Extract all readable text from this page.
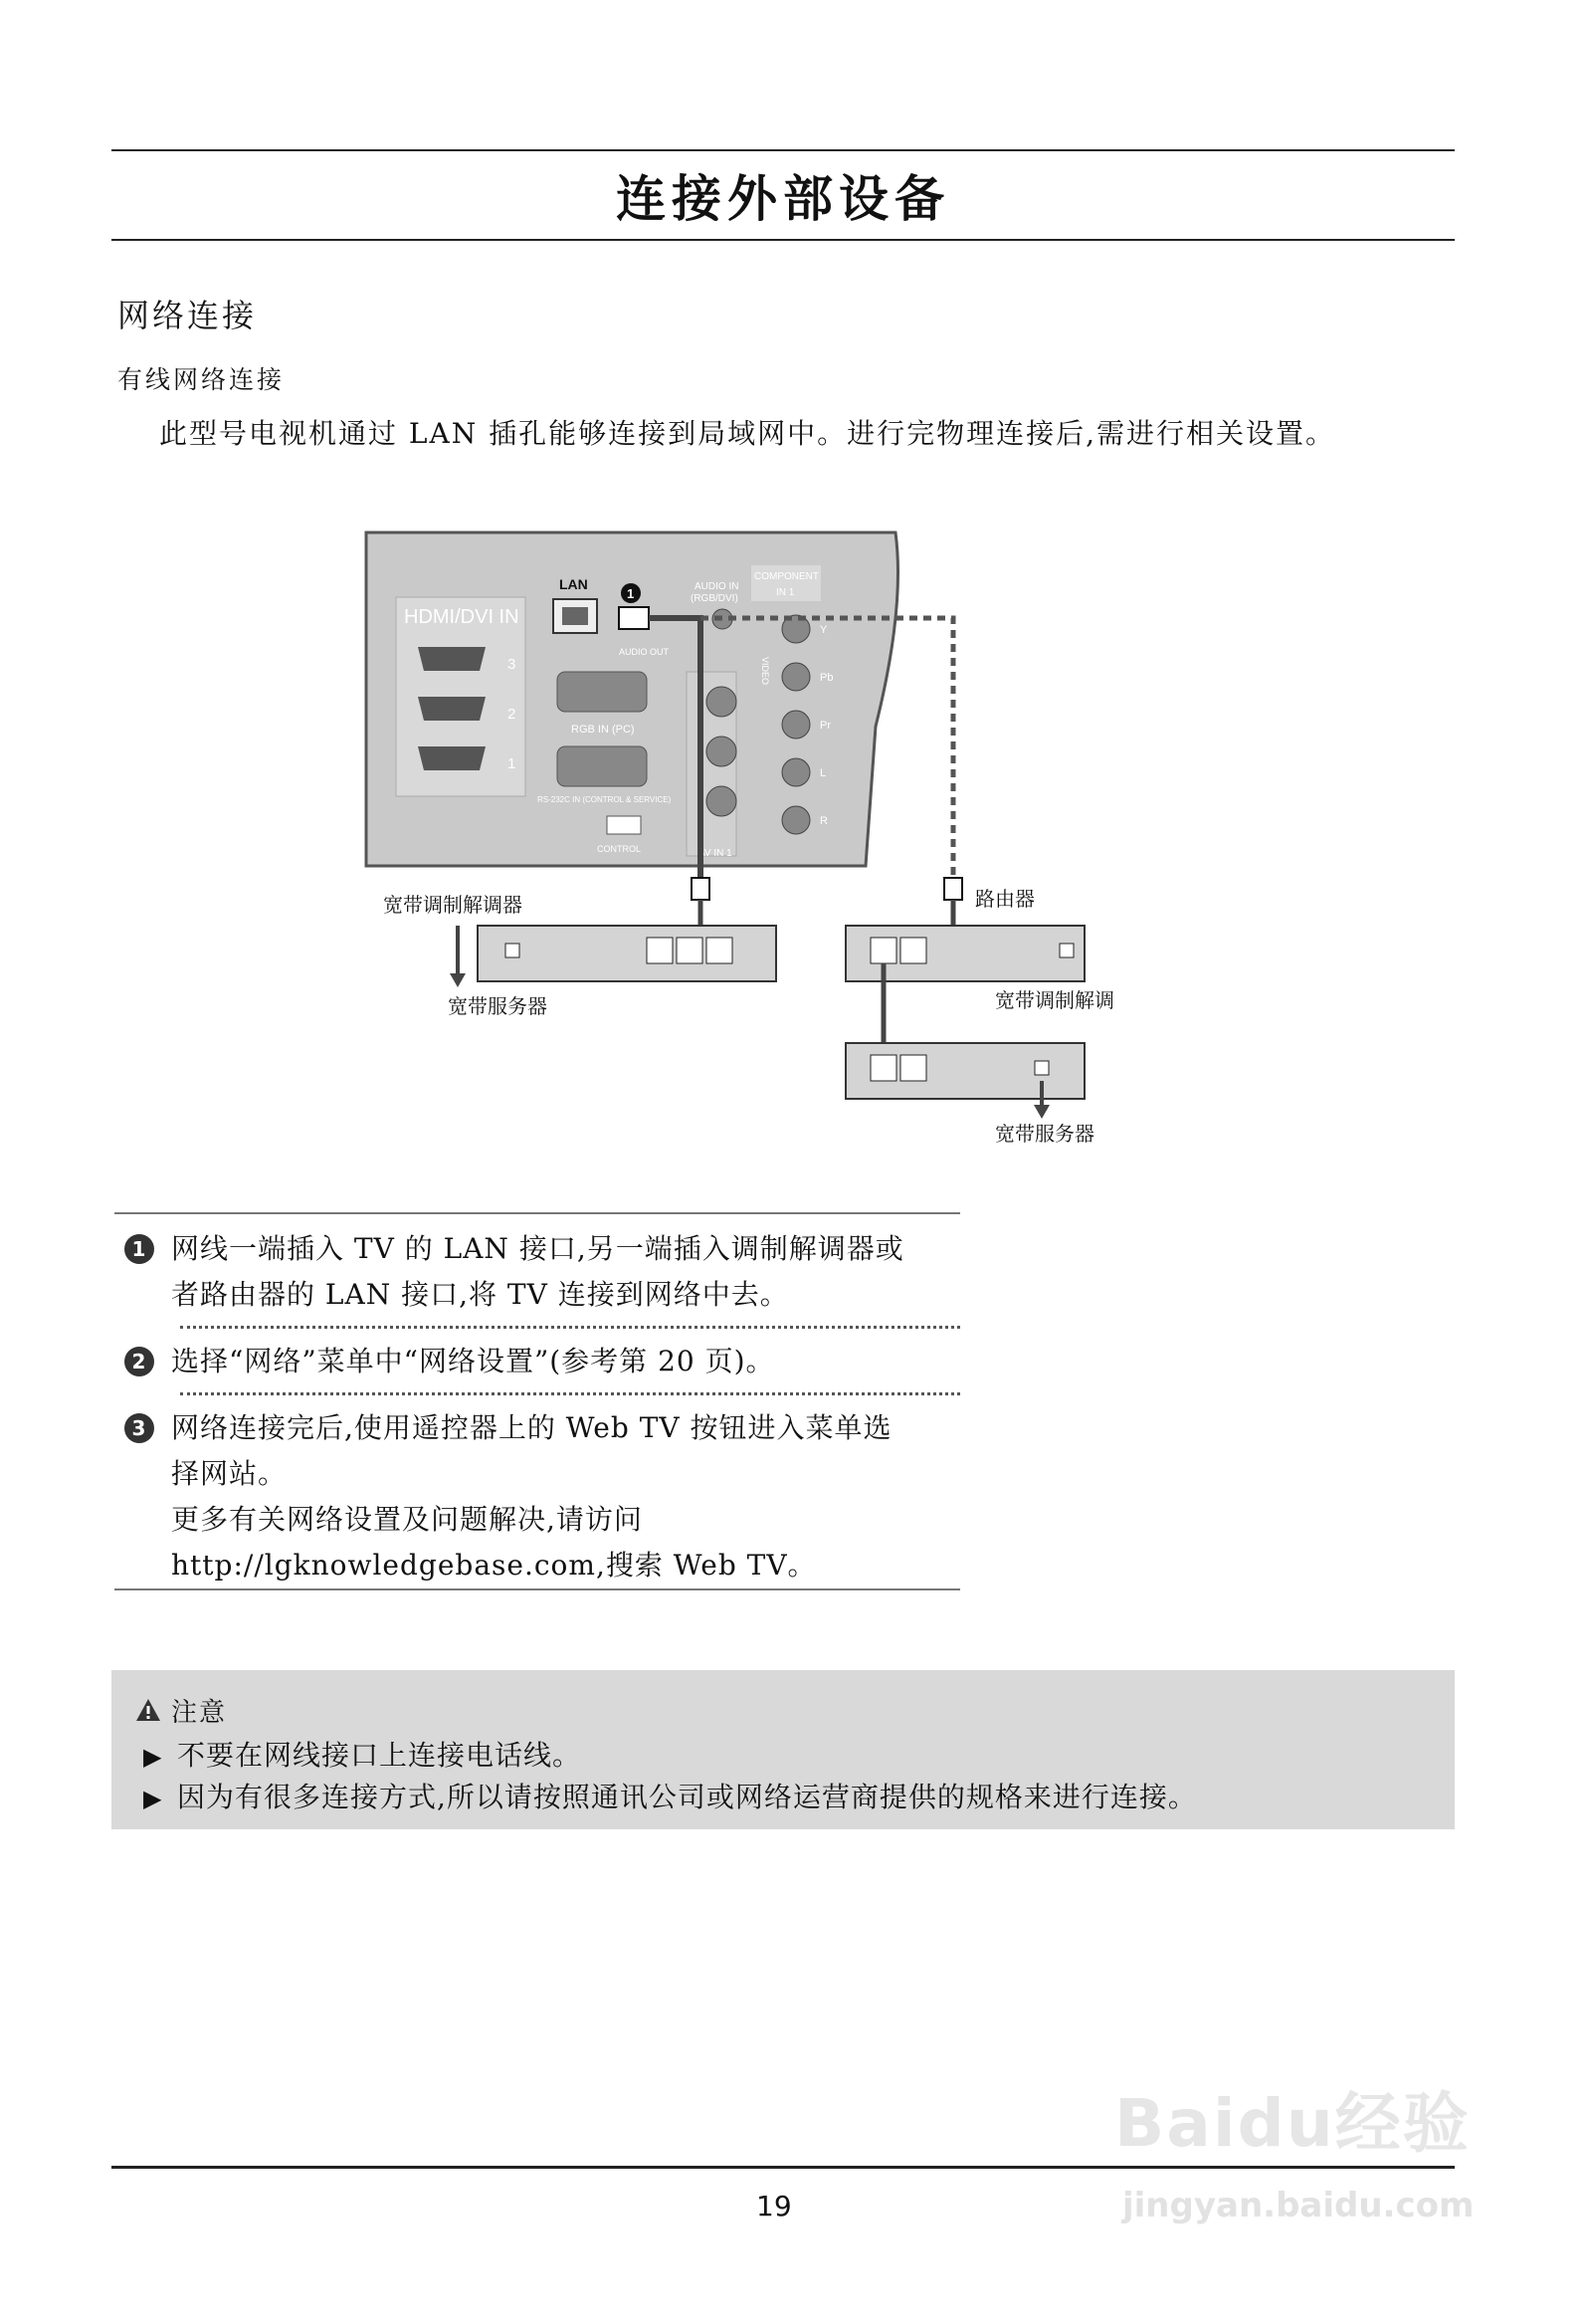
连接外部设备
网络连接
有线网络连接
此型号电视机通过 LAN 插孔能够连接到局域网中。进行完物理连接后,需进行相关设置。
HDMI/DVI IN
3
2
1
LAN	AUDIO IN
(RGB/DVI)
AUDIO OUT
COMPONENT
IN 1
RGB IN (PC)
RS-232C IN (CONTROL & SERVICE)
CONTROL	AV IN 1
Y
Pb
Pr
L
R
VIDEO
1
宽带调制解调器
宽带服务器
路由器
宽带调制解调
宽带服务器
1 网线一端插入 TV 的 LAN 接口,另一端插入调制解调器或
者路由器的 LAN 接口,将 TV 连接到网络中去。
2 选择“网络”菜单中“网络设置”(参考第 20 页)。
3 网络连接完后,使用遥控器上的 Web TV 按钮进入菜单选
择网站。
更多有关网络设置及问题解决,请访问
http://lgknowledgebase.com,搜索 Web TV。
注意
▶ 不要在网线接口上连接电话线。
▶ 因为有很多连接方式,所以请按照通讯公司或网络运营商提供的规格来进行连接。
19
Baidu经验
jingyan.baidu.com
